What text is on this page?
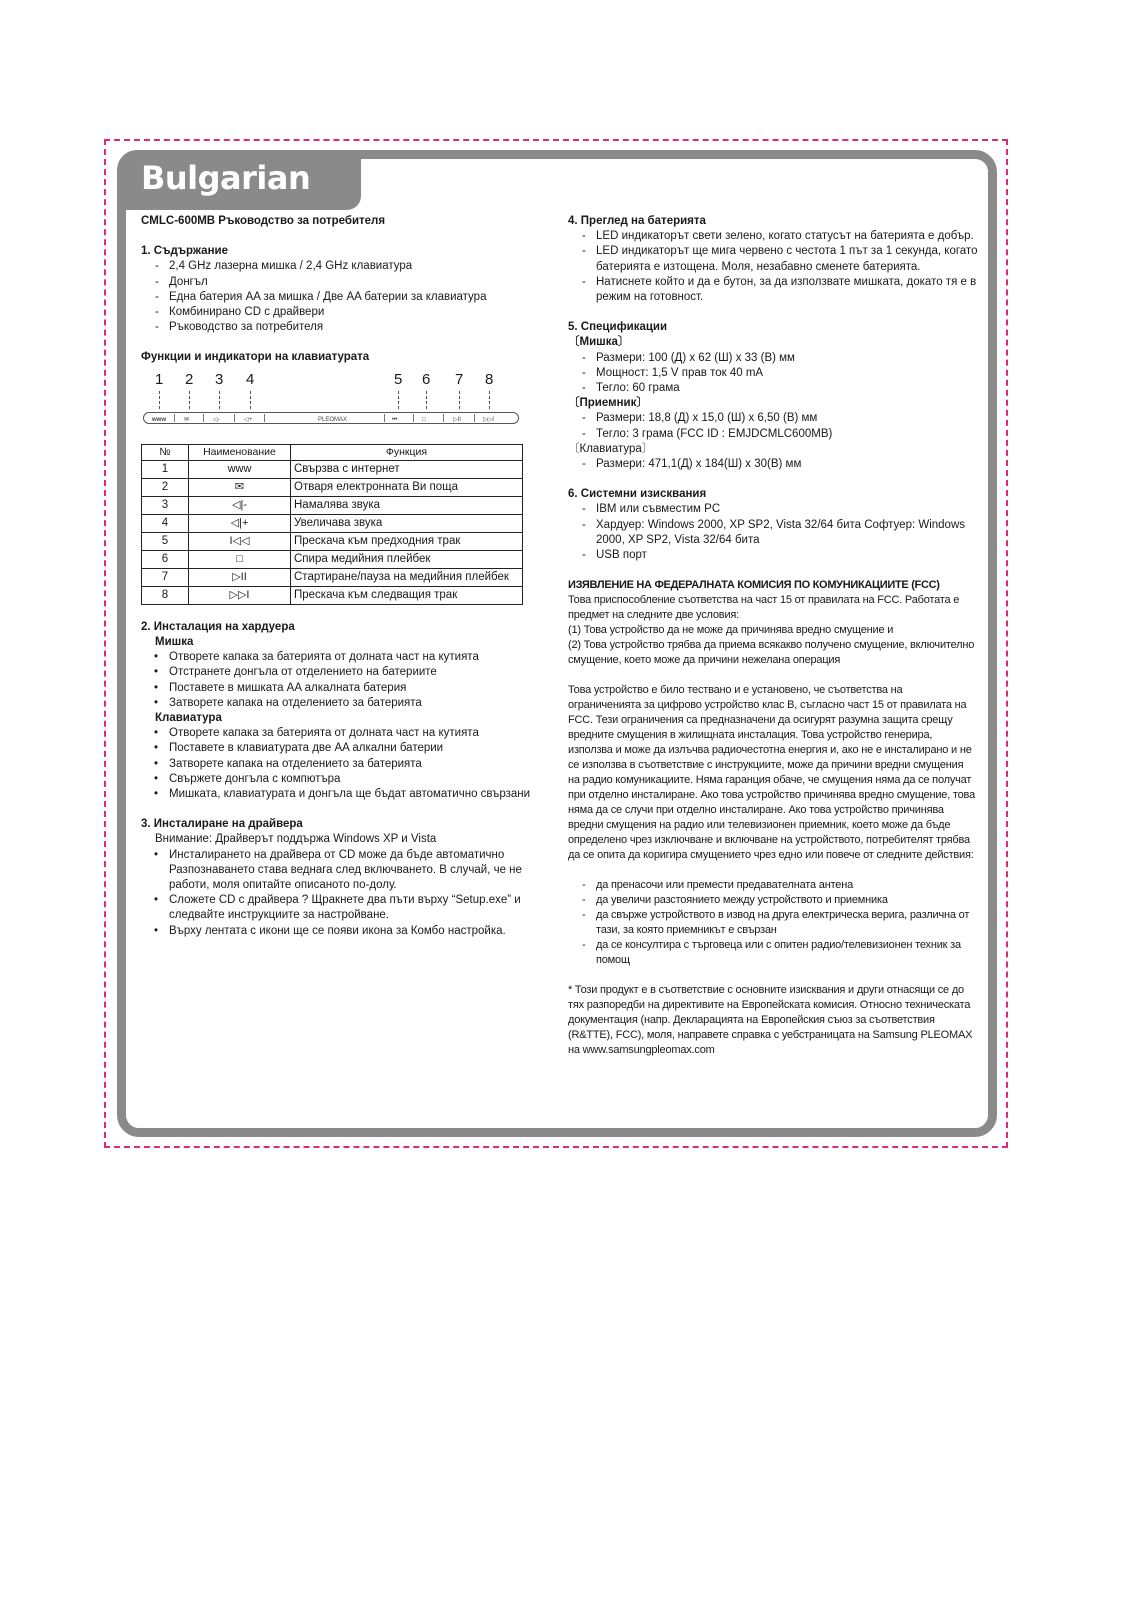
Bulgarian

CMLC-600MB Ръководство за потребителя

1. Съдържание

- 2,4 GHz лазерна мишка / 2,4 GHz клавиатура
- Донгъл
- Една батерия AA за мишка / Две AA батерии за клавиатура
- Комбинирано CD с драйвери
- Ръководство за потребителя

Функции и индикатори на клавиатурата

1 2 3 4	5 6 7 8
www	✉	◁-	◁+	PLEOMAX	⏮	□	▷II	▷▷I
№	Наименование	Функция
1	www	Свързва с интернет
2	✉	Отваря електронната Ви поща
3	◁|-	Намалява звука
4	◁|+	Увеличава звука
5	I◁◁	Прескача към предходния трак
6	□	Спира медийния плейбек
7	▷II	Стартиране/пауза на медийния плейбек
8	▷▷I	Прескача към следващия трак

2. Инсталация на хардуера

Мишка

• Отворете капака за батерията от долната част на кутията
• Отстранете донгъла от отделението на батериите
• Поставете в мишката AA алкалната батерия
• Затворете капака на отделението за батерията

Клавиатура

• Отворете капака за батерията от долната част на кутията
• Поставете в клавиатурата две AA алкални батерии
• Затворете капака на отделението за батерията
• Свържете донгъла с компютъра
• Мишката, клавиатурата и донгъла ще бъдат автоматично свързани

3. Инсталиране на драйвера

Внимание: Драйверът поддържа Windows XP и Vista

• Инсталирането на драйвера от CD може да бъде автоматично Разпознаването става веднага след включването. В случай, че не работи, моля опитайте описаното по-долу.
• Сложете CD с драйвера ? Щракнете два пъти върху “Setup.exe” и следвайте инструкциите за настройване.
• Върху лентата с икони ще се появи икона за Комбо настройка.

4. Преглед на батерията

- LED индикаторът свети зелено, когато статусът на батерията е добър.
- LED индикаторът ще мига червено с честота 1 път за 1 секунда, когато батерията е изтощена. Моля, незабавно сменете батерията.
- Натиснете който и да е бутон, за да използвате мишката, докато тя е в режим на готовност.

5. Спецификации

〔Мишка〕

- Размери: 100 (Д) x 62 (Ш) x 33 (В) мм
- Мощност: 1,5 V прав ток 40 mA
- Тегло: 60 грама

〔Приемник〕

- Размери: 18,8 (Д) x 15,0 (Ш) x 6,50 (В) мм
- Тегло: 3 грама (FCC ID : EMJDCMLC600MB)

〔Клавиатура〕

- Размери: 471,1(Д) x 184(Ш) x 30(В) мм

6. Системни изисквания

- IBM или съвместим PC
- Хардуер: Windows 2000, XP SP2, Vista 32/64 бита Софтуер: Windows 2000, XP SP2, Vista 32/64 бита
- USB порт

ИЗЯВЛЕНИЕ НА ФЕДЕРАЛНАТА КОМИСИЯ ПО КОМУНИКАЦИИТЕ (FCC)

Това приспособление съответства на част 15 от правилата на FCC. Работата е предмет на следните две условия:

(1) Това устройство да не може да причинява вредно смущение и

(2) Това устройство трябва да приема всякакво получено смущение, включително смущение, което може да причини нежелана операция

Това устройство е било тествано и е установено, че съответства на ограниченията за цифрово устройство клас B, съгласно част 15 от правилата на FCC. Тези ограничения са предназначени да осигурят разумна защита срещу вредните смущения в жилищната инсталация. Това устройство генерира, използва и може да излъчва радиочестотна енергия и, ако не е инсталирано и не се използва в съответствие с инструкциите, може да причини вредни смущения на радио комуникациите. Няма гаранция обаче, че смущения няма да се получат при отделно инсталиране. Ако това устройство причинява вредно смущение, това няма да се случи при отделно инсталиране. Ако това устройство причинява вредни смущения на радио или телевизионен приемник, което може да бъде определено чрез изключване и включване на устройството, потребителят трябва да се опита да коригира смущението чрез едно или повече от следните действия:

- да пренасочи или премести предавателната антена
- да увеличи разстоянието между устройството и приемника
- да свърже устройството в извод на друга електрическа верига, различна от тази, за която приемникът е свързан
- да се консултира с търговеца или с опитен радио/телевизионен техник за помощ

* Този продукт е в съответствие с основните изисквания и други отнасящи се до тях разпоредби на директивите на Европейската комисия. Относно техническата документация (напр. Декларацията на Европейския съюз за съответствия (R&TTE), FCC), моля, направете справка с уебстраницата на Samsung PLEOMAX на www.samsungpleomax.com
